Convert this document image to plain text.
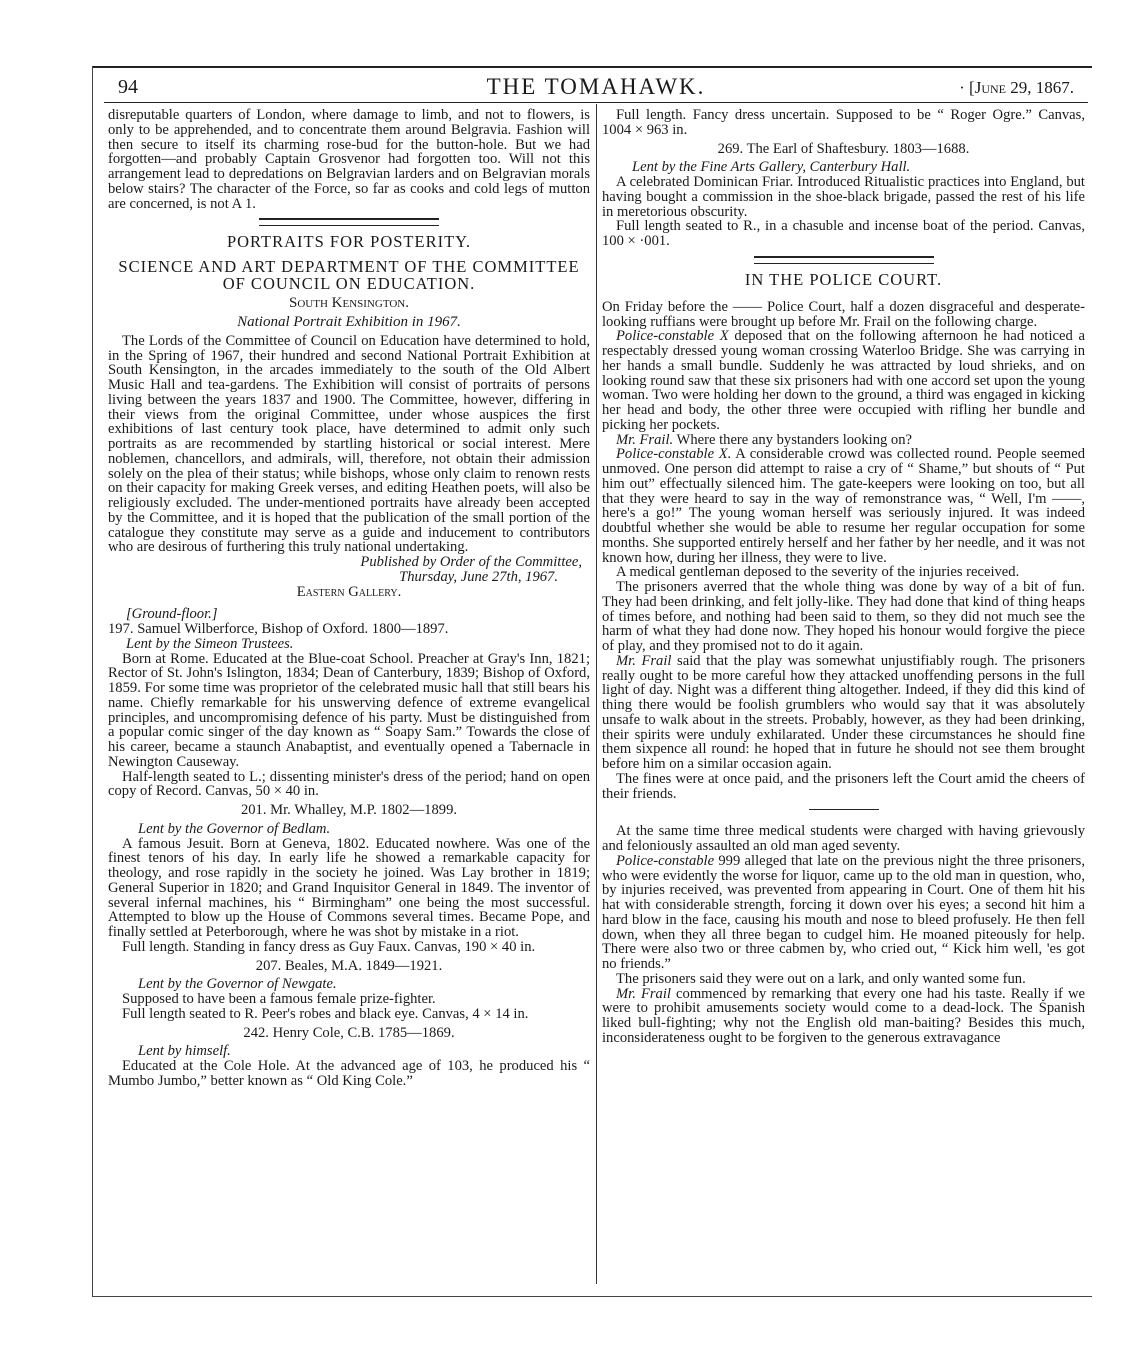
94	THE TOMAHAWK.	· [June 29, 1867.

disreputable quarters of London, where damage to limb, and not to flowers, is only to be apprehended, and to concentrate them around Belgravia. Fashion will then secure to itself its charming rose-bud for the button-hole. But we had forgotten—and probably Captain Grosvenor had forgotten too. Will not this arrangement lead to depredations on Belgravian larders and on Belgravian morals below stairs? The character of the Force, so far as cooks and cold legs of mutton are concerned, is not A 1.

PORTRAITS FOR POSTERITY.

SCIENCE AND ART DEPARTMENT OF THE COMMITTEE OF COUNCIL ON EDUCATION.

South Kensington.

National Portrait Exhibition in 1967.

The Lords of the Committee of Council on Education have determined to hold, in the Spring of 1967, their hundred and second National Portrait Exhibition at South Kensington, in the arcades immediately to the south of the Old Albert Music Hall and tea-gardens. The Exhibition will consist of portraits of persons living between the years 1837 and 1900. The Committee, however, differing in their views from the original Committee, under whose auspices the first exhibitions of last century took place, have determined to admit only such portraits as are recommended by startling historical or social interest. Mere noblemen, chancellors, and admirals, will, therefore, not obtain their admission solely on the plea of their status; while bishops, whose only claim to renown rests on their capacity for making Greek verses, and editing Heathen poets, will also be religiously excluded. The under-mentioned portraits have already been accepted by the Committee, and it is hoped that the publication of the small portion of the catalogue they constitute may serve as a guide and inducement to contributors who are desirous of furthering this truly national undertaking.

Published by Order of the Committee,

Thursday, June 27th, 1967.

Eastern Gallery.

[Ground-floor.]

197. Samuel Wilberforce, Bishop of Oxford. 1800—1897.

Lent by the Simeon Trustees.

Born at Rome. Educated at the Blue-coat School. Preacher at Gray's Inn, 1821; Rector of St. John's Islington, 1834; Dean of Canterbury, 1839; Bishop of Oxford, 1859. For some time was proprietor of the celebrated music hall that still bears his name. Chiefly remarkable for his unswerving defence of extreme evangelical principles, and uncompromising defence of his party. Must be distinguished from a popular comic singer of the day known as “ Soapy Sam.” Towards the close of his career, became a staunch Anabaptist, and eventually opened a Tabernacle in Newington Causeway.

Half-length seated to L.; dissenting minister's dress of the period; hand on open copy of Record. Canvas, 50 × 40 in.

201. Mr. Whalley, M.P. 1802—1899.

Lent by the Governor of Bedlam.

A famous Jesuit. Born at Geneva, 1802. Educated nowhere. Was one of the finest tenors of his day. In early life he showed a remarkable capacity for theology, and rose rapidly in the society he joined. Was Lay brother in 1819; General Superior in 1820; and Grand Inquisitor General in 1849. The inventor of several infernal machines, his “ Birmingham” one being the most successful. Attempted to blow up the House of Commons several times. Became Pope, and finally settled at Peterborough, where he was shot by mistake in a riot.

Full length. Standing in fancy dress as Guy Faux. Canvas, 190 × 40 in.

207. Beales, M.A. 1849—1921.

Lent by the Governor of Newgate.

Supposed to have been a famous female prize-fighter.

Full length seated to R. Peer's robes and black eye. Canvas, 4 × 14 in.

242. Henry Cole, C.B. 1785—1869.

Lent by himself.

Educated at the Cole Hole. At the advanced age of 103, he produced his “ Mumbo Jumbo,” better known as “ Old King Cole.”

Full length. Fancy dress uncertain. Supposed to be “ Roger Ogre.” Canvas, 1004 × 963 in.

269. The Earl of Shaftesbury. 1803—1688.

Lent by the Fine Arts Gallery, Canterbury Hall.

A celebrated Dominican Friar. Introduced Ritualistic practices into England, but having bought a commission in the shoe-black brigade, passed the rest of his life in meretorious obscurity.

Full length seated to R., in a chasuble and incense boat of the period. Canvas, 100 × ·001.

IN THE POLICE COURT.

On Friday before the —— Police Court, half a dozen disgraceful and desperate-looking ruffians were brought up before Mr. Frail on the following charge.

Police-constable X deposed that on the following afternoon he had noticed a respectably dressed young woman crossing Waterloo Bridge. She was carrying in her hands a small bundle. Suddenly he was attracted by loud shrieks, and on looking round saw that these six prisoners had with one accord set upon the young woman. Two were holding her down to the ground, a third was engaged in kicking her head and body, the other three were occupied with rifling her bundle and picking her pockets.

Mr. Frail. Where there any bystanders looking on?

Police-constable X. A considerable crowd was collected round. People seemed unmoved. One person did attempt to raise a cry of “ Shame,” but shouts of “ Put him out” effectually silenced him. The gate-keepers were looking on too, but all that they were heard to say in the way of remonstrance was, “ Well, I'm ——, here's a go!” The young woman herself was seriously injured. It was indeed doubtful whether she would be able to resume her regular occupation for some months. She supported entirely herself and her father by her needle, and it was not known how, during her illness, they were to live.

A medical gentleman deposed to the severity of the injuries received.

The prisoners averred that the whole thing was done by way of a bit of fun. They had been drinking, and felt jolly-like. They had done that kind of thing heaps of times before, and nothing had been said to them, so they did not much see the harm of what they had done now. They hoped his honour would forgive the piece of play, and they promised not to do it again.

Mr. Frail said that the play was somewhat unjustifiably rough. The prisoners really ought to be more careful how they attacked unoffending persons in the full light of day. Night was a different thing altogether. Indeed, if they did this kind of thing there would be foolish grumblers who would say that it was absolutely unsafe to walk about in the streets. Probably, however, as they had been drinking, their spirits were unduly exhilarated. Under these circumstances he should fine them sixpence all round: he hoped that in future he should not see them brought before him on a similar occasion again.

The fines were at once paid, and the prisoners left the Court amid the cheers of their friends.

At the same time three medical students were charged with having grievously and feloniously assaulted an old man aged seventy.

Police-constable 999 alleged that late on the previous night the three prisoners, who were evidently the worse for liquor, came up to the old man in question, who, by injuries received, was prevented from appearing in Court. One of them hit his hat with considerable strength, forcing it down over his eyes; a second hit him a hard blow in the face, causing his mouth and nose to bleed profusely. He then fell down, when they all three began to cudgel him. He moaned piteously for help. There were also two or three cabmen by, who cried out, “ Kick him well, 'es got no friends.”

The prisoners said they were out on a lark, and only wanted some fun.

Mr. Frail commenced by remarking that every one had his taste. Really if we were to prohibit amusements society would come to a dead-lock. The Spanish liked bull-fighting; why not the English old man-baiting? Besides this much, inconsiderateness ought to be forgiven to the generous extravagance
